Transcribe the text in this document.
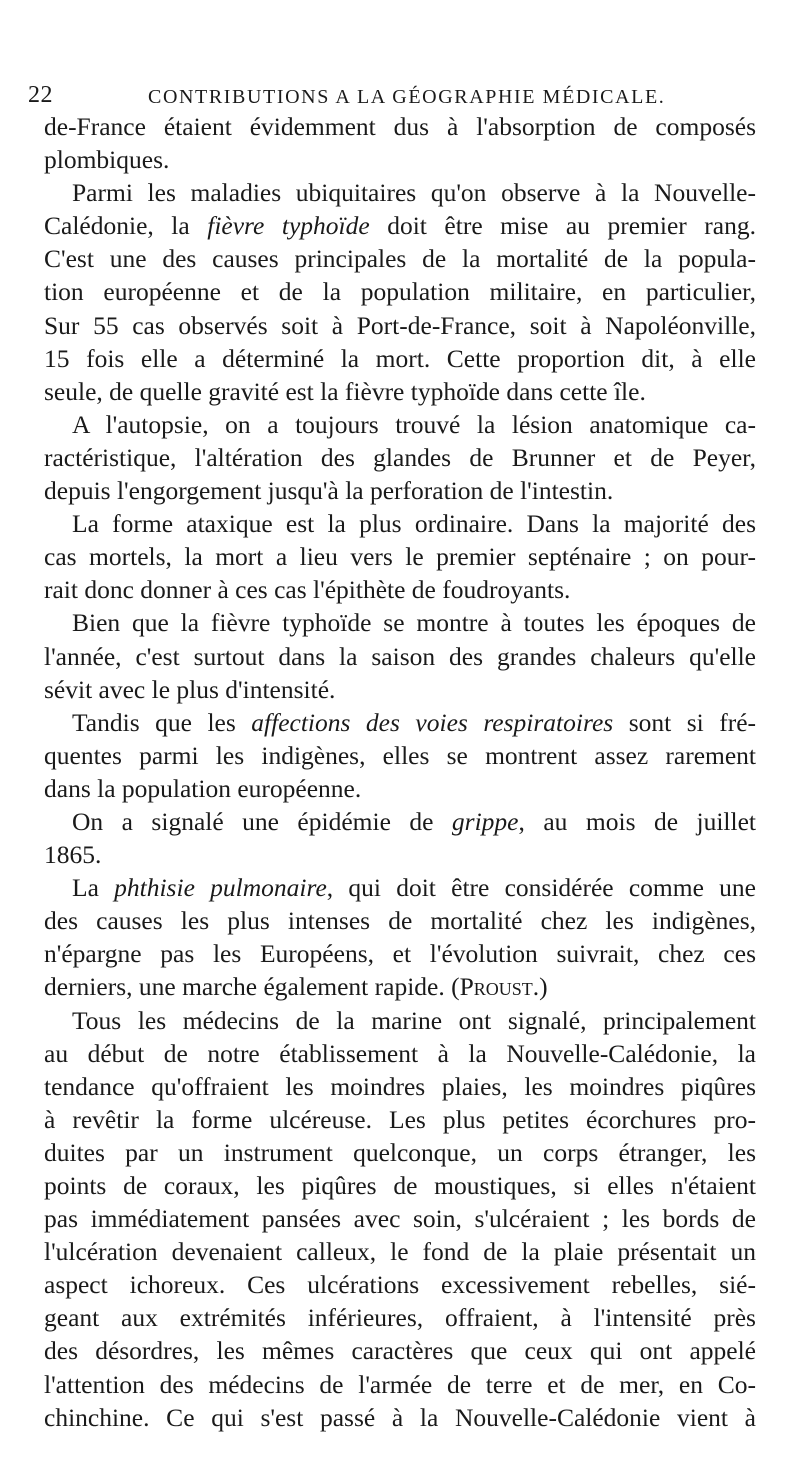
22	CONTRIBUTIONS A LA GÉOGRAPHIE MÉDICALE.
de-France étaient évidemment dus à l'absorption de composés
plombiques.
Parmi les maladies ubiquitaires qu'on observe à la Nouvelle-
Calédonie, la fièvre typhoïde doit être mise au premier rang.
C'est une des causes principales de la mortalité de la popula-
tion européenne et de la population militaire, en particulier,
Sur 55 cas observés soit à Port-de-France, soit à Napoléonville,
15 fois elle a déterminé la mort. Cette proportion dit, à elle
seule, de quelle gravité est la fièvre typhoïde dans cette île.
A l'autopsie, on a toujours trouvé la lésion anatomique ca-
ractéristique, l'altération des glandes de Brunner et de Peyer,
depuis l'engorgement jusqu'à la perforation de l'intestin.
La forme ataxique est la plus ordinaire. Dans la majorité des
cas mortels, la mort a lieu vers le premier septénaire ; on pour-
rait donc donner à ces cas l'épithète de foudroyants.
Bien que la fièvre typhoïde se montre à toutes les époques de
l'année, c'est surtout dans la saison des grandes chaleurs qu'elle
sévit avec le plus d'intensité.
Tandis que les affections des voies respiratoires sont si fré-
quentes parmi les indigènes, elles se montrent assez rarement
dans la population européenne.
On a signalé une épidémie de grippe, au mois de juillet
1865.
La phthisie pulmonaire, qui doit être considérée comme une
des causes les plus intenses de mortalité chez les indigènes,
n'épargne pas les Européens, et l'évolution suivrait, chez ces
derniers, une marche également rapide. (Proust.)
Tous les médecins de la marine ont signalé, principalement
au début de notre établissement à la Nouvelle-Calédonie, la
tendance qu'offraient les moindres plaies, les moindres piqûres
à revêtir la forme ulcéreuse. Les plus petites écorchures pro-
duites par un instrument quelconque, un corps étranger, les
points de coraux, les piqûres de moustiques, si elles n'étaient
pas immédiatement pansées avec soin, s'ulcéraient ; les bords de
l'ulcération devenaient calleux, le fond de la plaie présentait un
aspect ichoreux. Ces ulcérations excessivement rebelles, sié-
geant aux extrémités inférieures, offraient, à l'intensité près
des désordres, les mêmes caractères que ceux qui ont appelé
l'attention des médecins de l'armée de terre et de mer, en Co-
chinchine. Ce qui s'est passé à la Nouvelle-Calédonie vient à
